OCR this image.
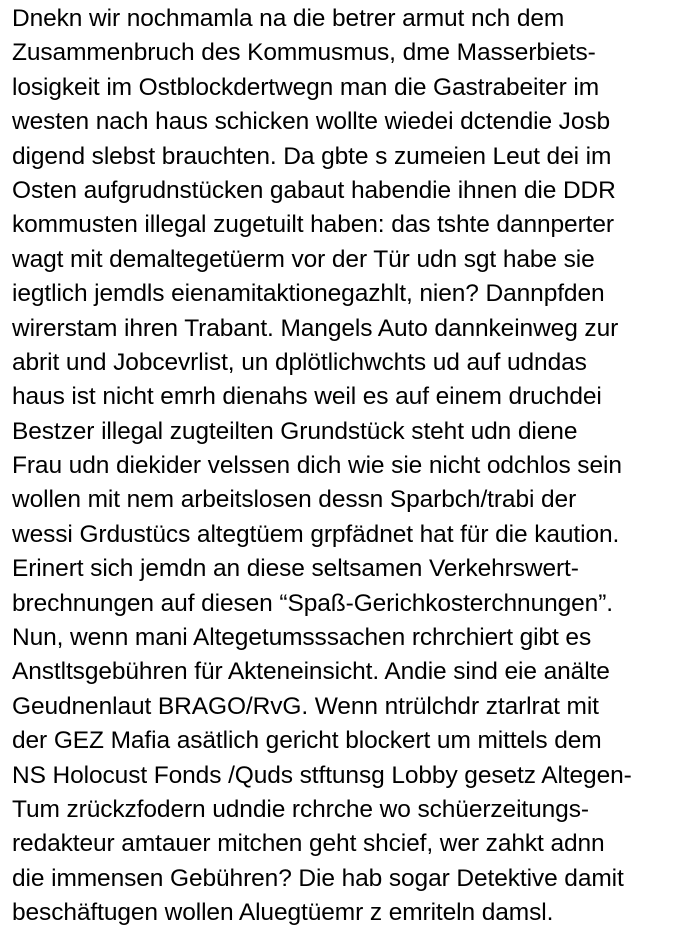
Dnekn wir nochmamla na die betrer armut nch dem
Zusammenbruch des Kommusmus, dme Masserbiets-
losigkeit im Ostblockdertwegn man die Gastrabeiter im
westen nach haus schicken wollte wiedei dctendie Josb
digend slebst brauchten. Da gbte s zumeien Leut dei im
Osten aufgrudnstücken gabaut habendie ihnen die DDR
kommusten illegal zugetuilt haben: das tshte dannperter
wagt mit demaltegetüerm vor der Tür udn sgt habe sie
iegtlich jemdls eienamitaktionegazhlt, nien? Dannpfden
wirerstam ihren Trabant. Mangels Auto dannkeinweg zur
abrit und Jobcevrlist, un dplötlichwchts ud auf udndas
haus ist nicht emrh dienahs weil es auf einem druchdei
Bestzer illegal zugteilten Grundstück steht udn diene
Frau udn diekider velssen dich wie sie nicht odchlos sein
wollen mit nem arbeitslosen dessn Sparbch/trabi der
wessi Grdustücs altegtüem grpfädnet hat für die kaution.
Erinert sich jemdn an diese seltsamen Verkehrswert-
brechnungen auf diesen “Spaß-Gerichkosterchnungen”.
Nun, wenn mani Altegetumsssachen rchrchiert gibt es
Anstltsgebühren für Akteneinsicht. Andie sind eie anälte
Geudnenlaut BRAGO/RvG. Wenn ntrülchdr ztarlrat mit
der GEZ Mafia asätlich gericht blockert um mittels dem
NS Holocust Fonds /Quds stftunsg Lobby gesetz Altegen-
Tum zrückzfodern udndie rchrche wo schüerzeitungs-
redakteur amtauer mitchen geht shcief, wer zahkt adnn
die immensen Gebühren? Die hab sogar Detektive damit
beschäftugen wollen Aluegtüemr z emriteln damsl.
